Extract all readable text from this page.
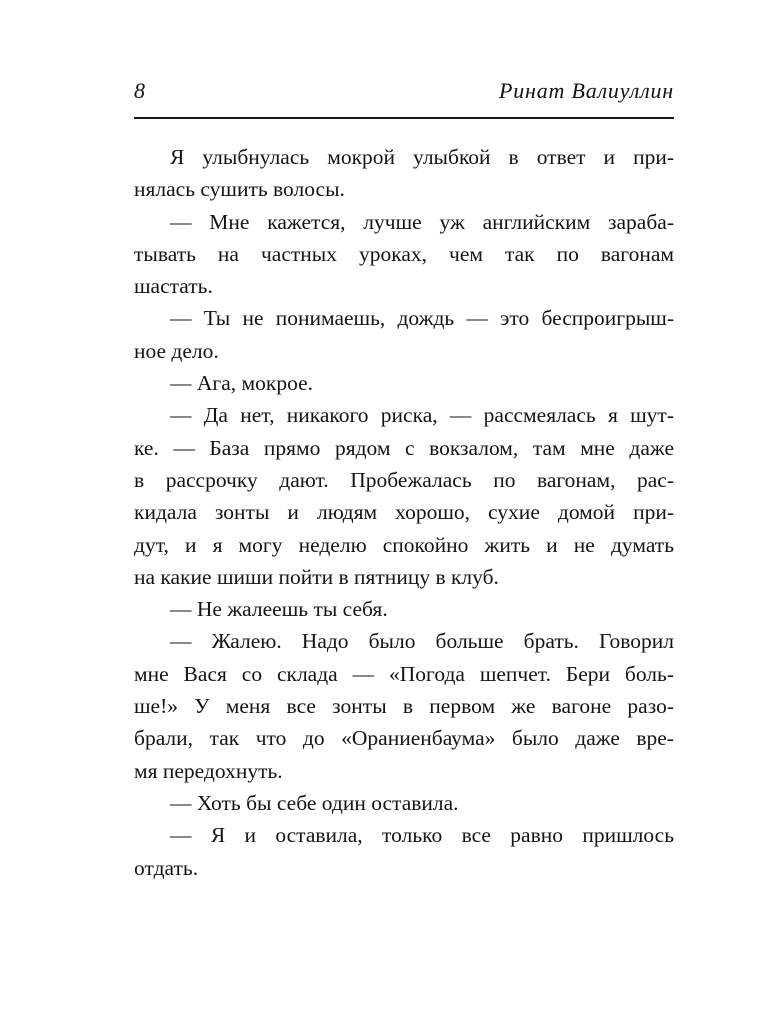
8	Ринат Валиуллин
Я улыбнулась мокрой улыбкой в ответ и при-
нялась сушить волосы.
— Мне кажется, лучше уж английским зараба-
тывать на частных уроках, чем так по вагонам
шастать.
— Ты не понимаешь, дождь — это беспроигрыш-
ное дело.
— Ага, мокрое.
— Да нет, никакого риска, — рассмеялась я шут-
ке. — База прямо рядом с вокзалом, там мне даже
в рассрочку дают. Пробежалась по вагонам, рас-
кидала зонты и людям хорошо, сухие домой при-
дут, и я могу неделю спокойно жить и не думать
на какие шиши пойти в пятницу в клуб.
— Не жалеешь ты себя.
— Жалею. Надо было больше брать. Говорил
мне Вася со склада — «Погода шепчет. Бери боль-
ше!» У меня все зонты в первом же вагоне разо-
брали, так что до «Ораниенбаума» было даже вре-
мя передохнуть.
— Хоть бы себе один оставила.
— Я и оставила, только все равно пришлось
отдать.
